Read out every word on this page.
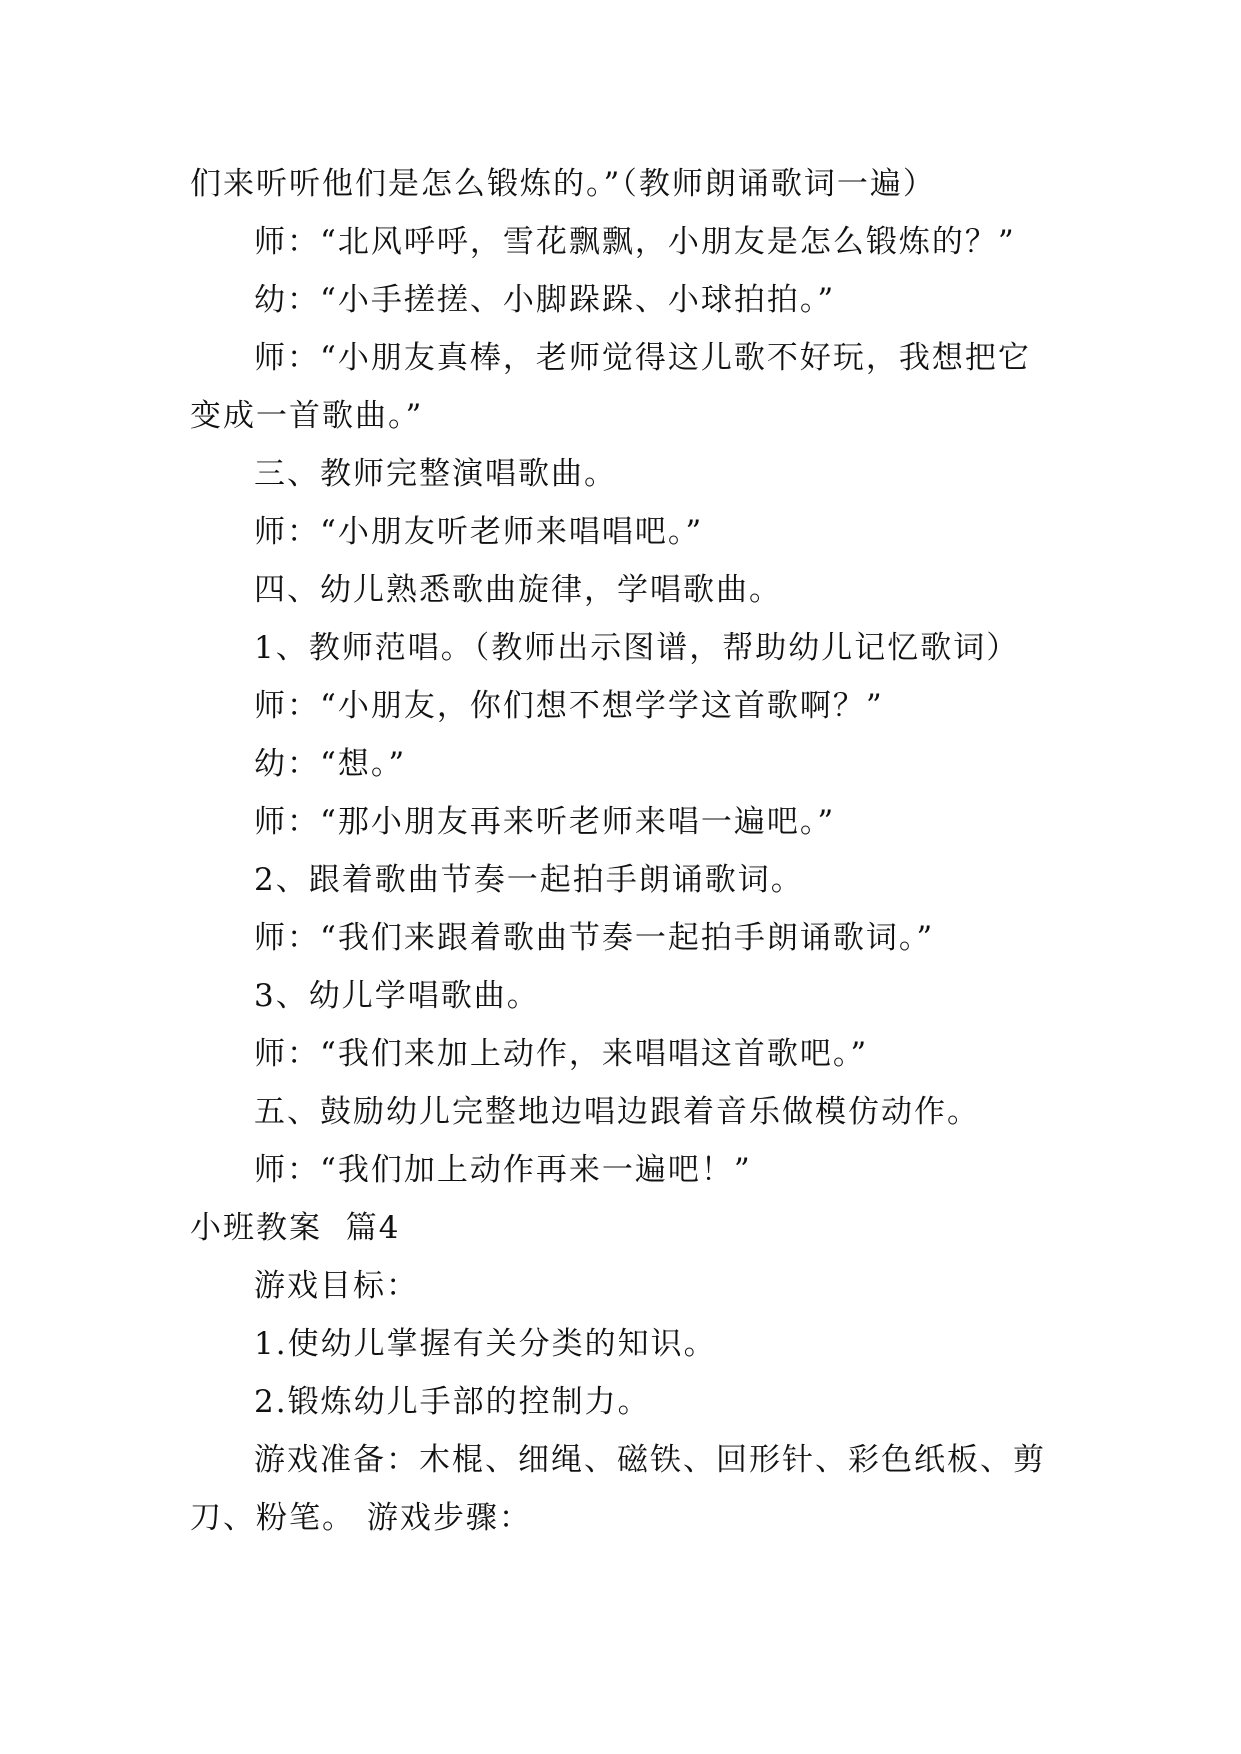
们来听听他们是怎么锻炼的。”（教师朗诵歌词一遍）
师：“北风呼呼，雪花飘飘，小朋友是怎么锻炼的？”
幼：“小手搓搓、小脚跺跺、小球拍拍。”
师：“小朋友真棒，老师觉得这儿歌不好玩，我想把它
变成一首歌曲。”
三、教师完整演唱歌曲。
师：“小朋友听老师来唱唱吧。”
四、幼儿熟悉歌曲旋律，学唱歌曲。
1、教师范唱。（教师出示图谱，帮助幼儿记忆歌词）
师：“小朋友，你们想不想学学这首歌啊？”
幼：“想。”
师：“那小朋友再来听老师来唱一遍吧。”
2、跟着歌曲节奏一起拍手朗诵歌词。
师：“我们来跟着歌曲节奏一起拍手朗诵歌词。”
3、幼儿学唱歌曲。
师：“我们来加上动作，来唱唱这首歌吧。”
五、鼓励幼儿完整地边唱边跟着音乐做模仿动作。
师：“我们加上动作再来一遍吧！”
小班教案  篇4
游戏目标：
1.使幼儿掌握有关分类的知识。
2.锻炼幼儿手部的控制力。
游戏准备：木棍、细绳、磁铁、回形针、彩色纸板、剪
刀、粉笔。 游戏步骤：
